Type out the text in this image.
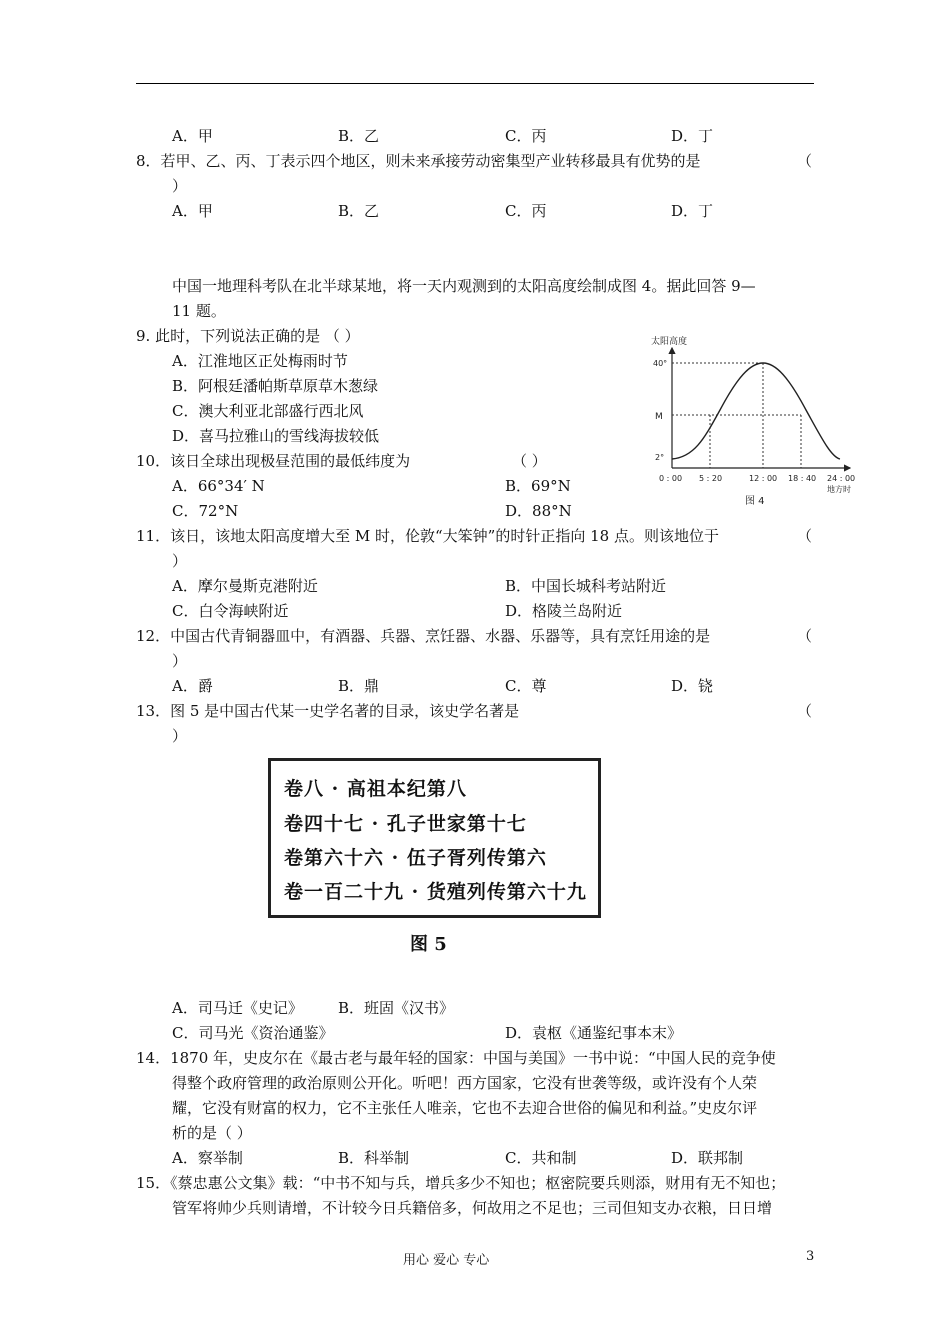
A．甲	B．乙	C．丙	D．丁
8．若甲、乙、丙、丁表示四个地区，则未来承接劳动密集型产业转移最具有优势的是	（
）
A．甲	B．乙	C．丙	D．丁
中国一地理科考队在北半球某地，将一天内观测到的太阳高度绘制成图 4。据此回答 9—
11 题。
9. 此时，下列说法正确的是 （ ）
A．江淮地区正处梅雨时节
B．阿根廷潘帕斯草原草木葱绿
C．澳大利亚北部盛行西北风
D．喜马拉雅山的雪线海拔较低
10．该日全球出现极昼范围的最低纬度为	（ ）
A．66°34′ N	B．69°N
C．72°N	D．88°N
太阳高度
40°
M
2°
0 : 00 5 : 20	12 : 00 18 : 40 24 : 00
地方时
图 4
11．该日，该地太阳高度增大至 M 时，伦敦“大笨钟”的时针正指向 18 点。则该地位于	（
）
A．摩尔曼斯克港附近	B．中国长城科考站附近
C．白令海峡附近	D．格陵兰岛附近
12．中国古代青铜器皿中，有酒器、兵器、烹饪器、水器、乐器等，具有烹饪用途的是	（
）
A．爵	B．鼎	C．尊	D．铙
13．图 5 是中国古代某一史学名著的目录，该史学名著是	（
）
卷八 · 高祖本纪第八
卷四十七 · 孔子世家第十七
卷第六十六 · 伍子胥列传第六
卷一百二十九 · 货殖列传第六十九
图 5
A．司马迁《史记》 B．班固《汉书》
C．司马光《资治通鉴》	D．袁枢《通鉴纪事本末》
14．1870 年，史皮尔在《最古老与最年轻的国家：中国与美国》一书中说：“中国人民的竞争使
得整个政府管理的政治原则公开化。听吧！西方国家，它没有世袭等级，或许没有个人荣
耀，它没有财富的权力，它不主张任人唯亲，它也不去迎合世俗的偏见和利益。”史皮尔评
析的是（ ）
A．察举制	B．科举制	C．共和制	D．联邦制
15．《蔡忠惠公文集》载：“中书不知与兵，增兵多少不知也；枢密院要兵则添，财用有无不知也；
管军将帅少兵则请增，不计较今日兵籍倍多，何故用之不足也；三司但知支办衣粮，日日增
用心 爱心 专心	3
